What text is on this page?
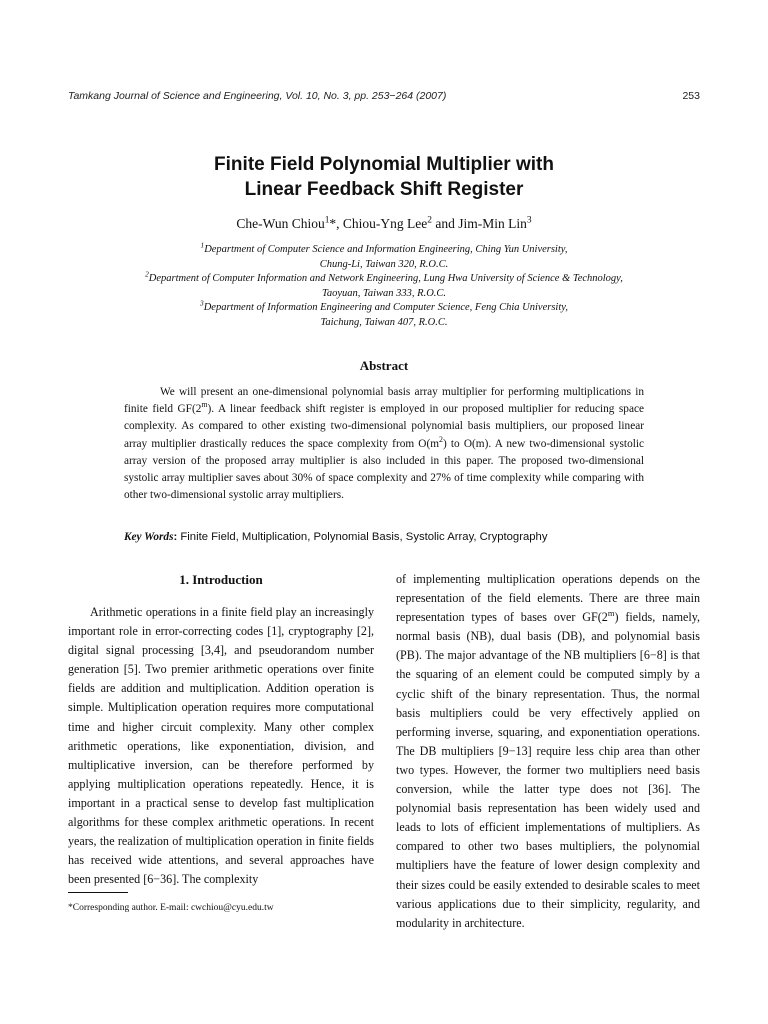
Tamkang Journal of Science and Engineering, Vol. 10, No. 3, pp. 253−264 (2007)	253
Finite Field Polynomial Multiplier with
Linear Feedback Shift Register
Che-Wun Chiou$^1$*, Chiou-Yng Lee$^2$ and Jim-Min Lin$^3$
$^1$Department of Computer Science and Information Engineering, Ching Yun University,
Chung-Li, Taiwan 320, R.O.C.
$^2$Department of Computer Information and Network Engineering, Lung Hwa University of Science & Technology,
Taoyuan, Taiwan 333, R.O.C.
$^3$Department of Information Engineering and Computer Science, Feng Chia University,
Taichung, Taiwan 407, R.O.C.
Abstract

We will present an one-dimensional polynomial basis array multiplier for performing multiplications in finite field GF(2$^m$). A linear feedback shift register is employed in our proposed multiplier for reducing space complexity. As compared to other existing two-dimensional polynomial basis multipliers, our proposed linear array multiplier drastically reduces the space complexity from $O(m^2)$ to O(m). A new two-dimensional systolic array version of the proposed array multiplier is also included in this paper. The proposed two-dimensional systolic array multiplier saves about 30% of space complexity and 27% of time complexity while comparing with other two-dimensional systolic array multipliers.

Key Words: Finite Field, Multiplication, Polynomial Basis, Systolic Array, Cryptography
1. Introduction

Arithmetic operations in a finite field play an increasingly important role in error-correcting codes [1], cryptography [2], digital signal processing [3,4], and pseudorandom number generation [5]. Two premier arithmetic operations over finite fields are addition and multiplication. Addition operation is simple. Multiplication operation requires more computational time and higher circuit complexity. Many other complex arithmetic operations, like exponentiation, division, and multiplicative inversion, can be therefore performed by applying multiplication operations repeatedly. Hence, it is important in a practical sense to develop fast multiplication algorithms for these complex arithmetic operations. In recent years, the realization of multiplication operation in finite fields has received wide attentions, and several approaches have been presented [6−36]. The complexity

of implementing multiplication operations depends on the representation of the field elements. There are three main representation types of bases over GF(2$^m$) fields, namely, normal basis (NB), dual basis (DB), and polynomial basis (PB). The major advantage of the NB multipliers [6−8] is that the squaring of an element could be computed simply by a cyclic shift of the binary representation. Thus, the normal basis multipliers could be very effectively applied on performing inverse, squaring, and exponentiation operations. The DB multipliers [9−13] require less chip area than other two types. However, the former two multipliers need basis conversion, while the latter type does not [36]. The polynomial basis representation has been widely used and leads to lots of efficient implementations of multipliers. As compared to other two bases multipliers, the polynomial multipliers have the feature of lower design complexity and their sizes could be easily extended to desirable scales to meet various applications due to their simplicity, regularity, and modularity in architecture.

*Corresponding author. E-mail: cwchiou@cyu.edu.tw
